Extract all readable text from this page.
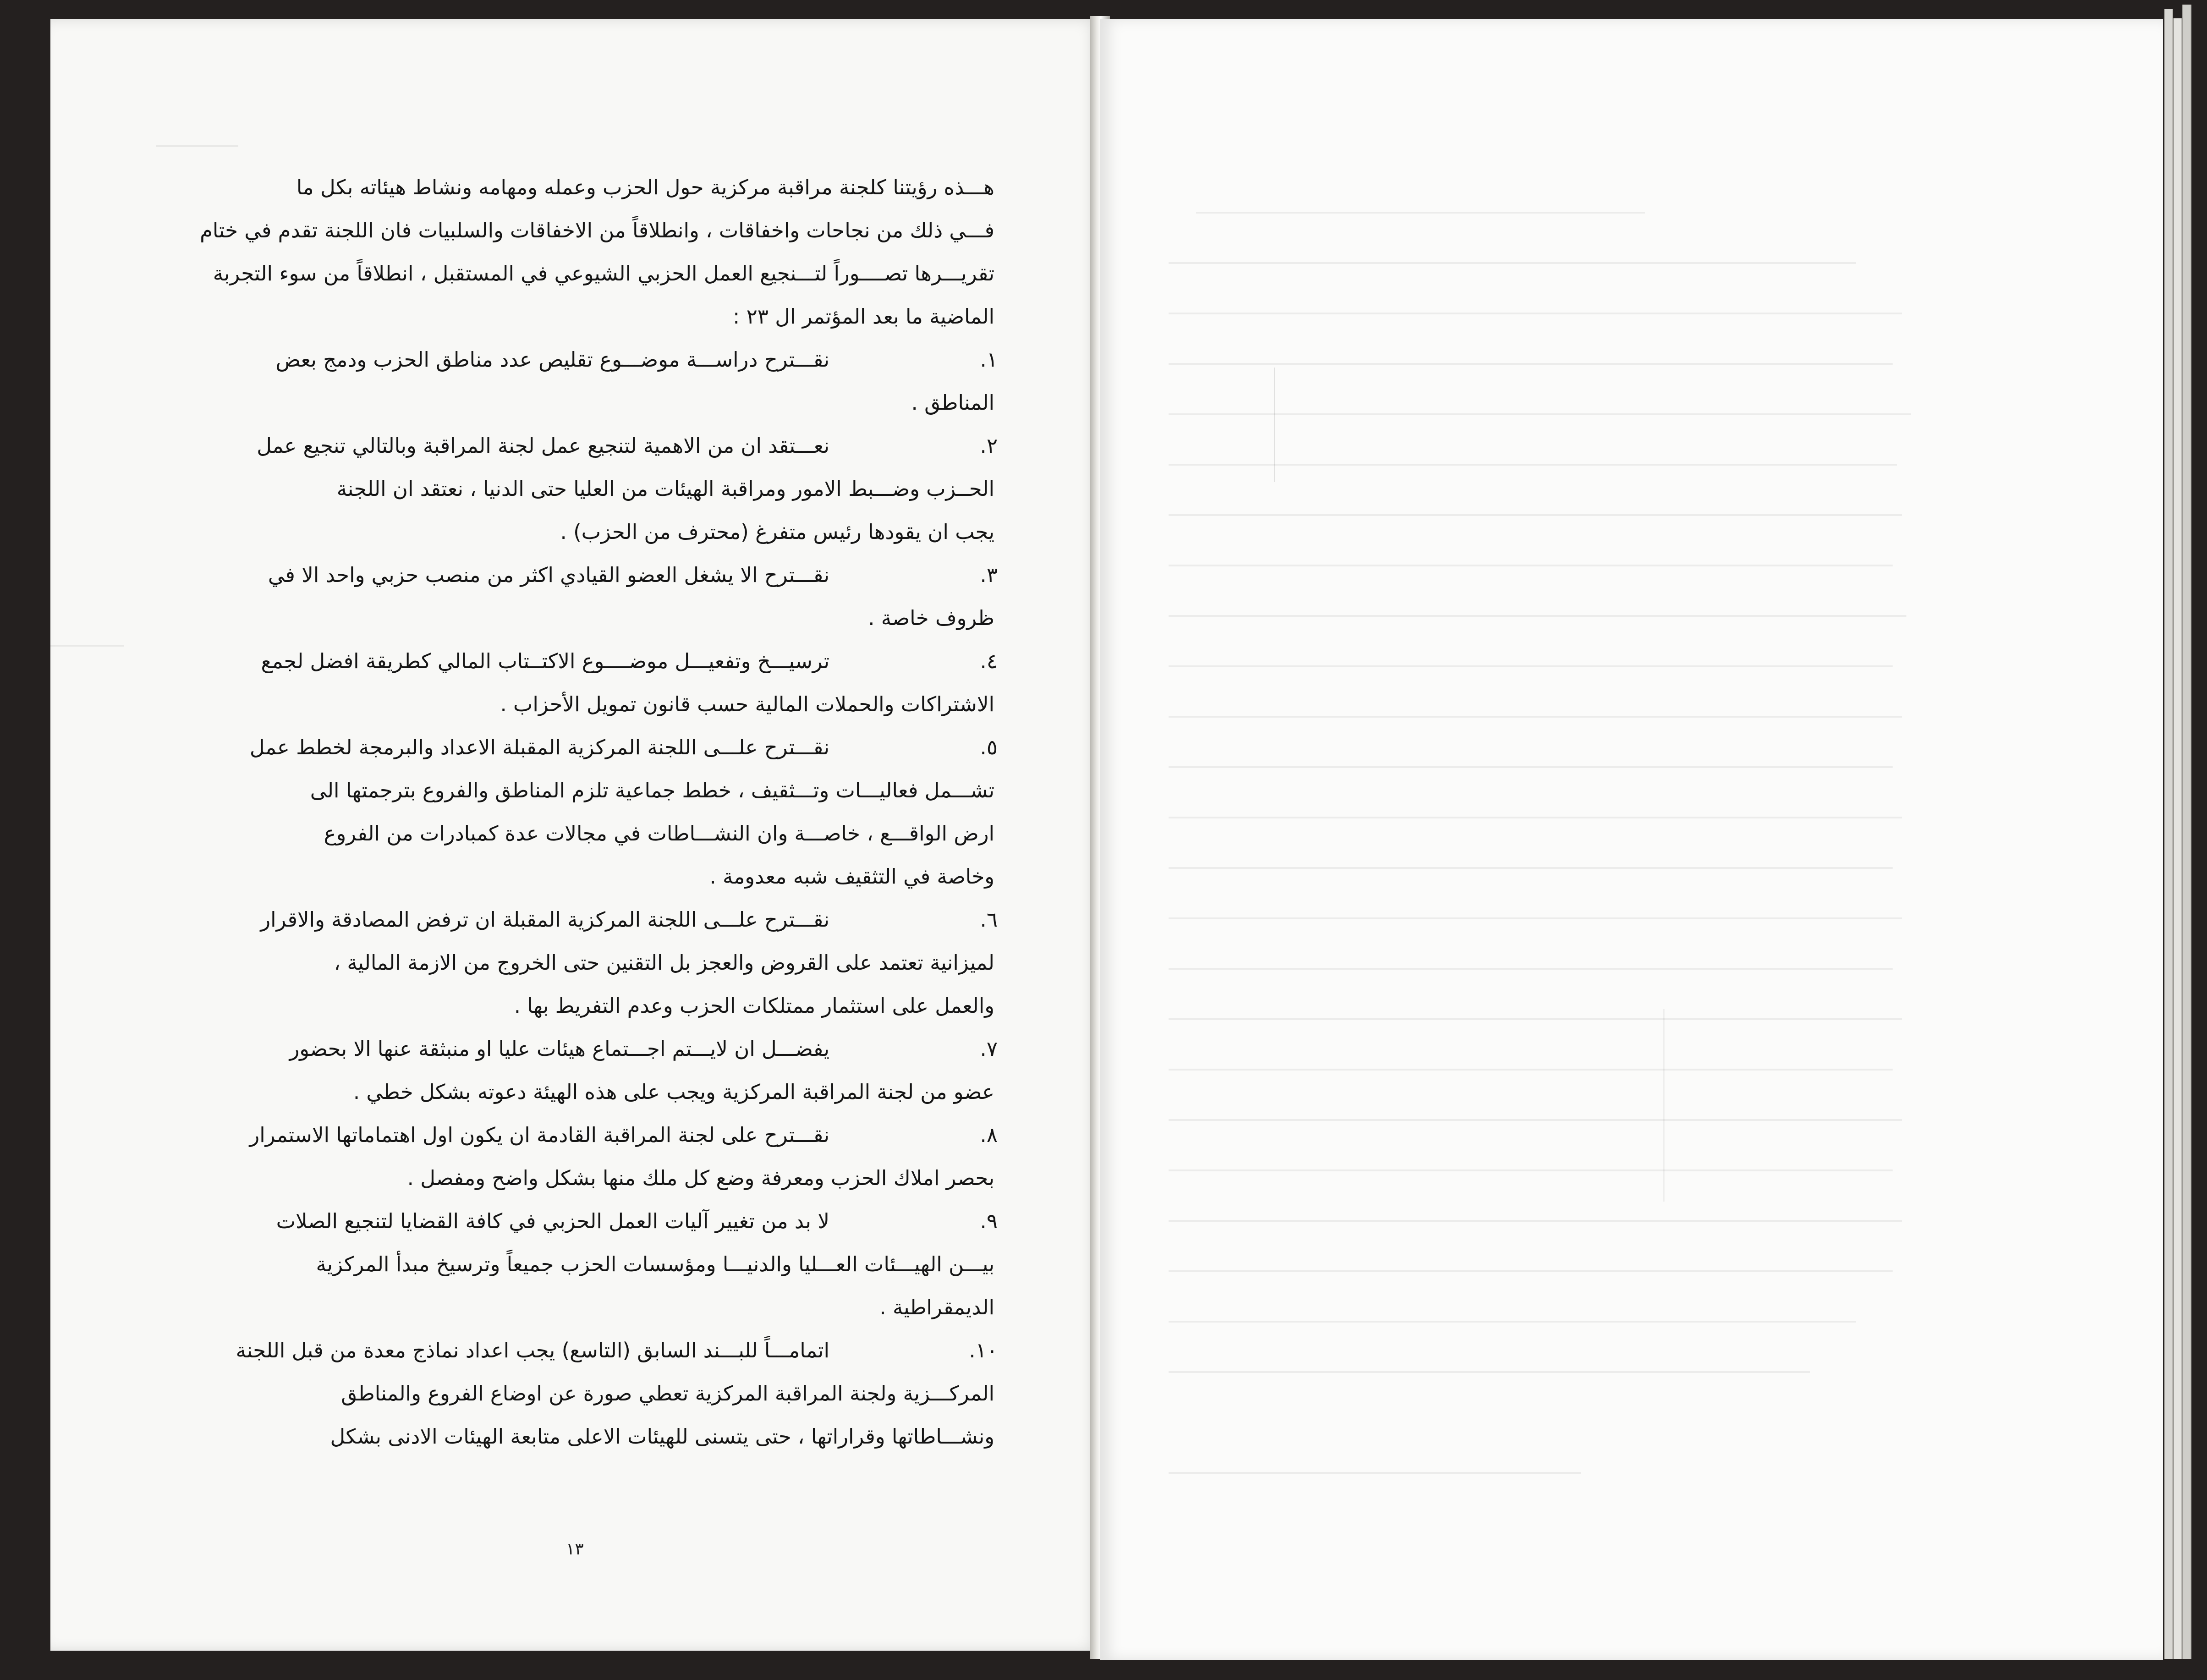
هـــذه رؤيتنا كلجنة مراقبة مركزية حول الحزب وعمله ومهامه ونشاط هيئاته بكل ما
فـــي ذلك من نجاحات واخفاقات ، وانطلاقاً من الاخفاقات والسلبيات فان اللجنة تقدم في ختام
تقريـــرها تصــــوراً لتـــنجيع العمل الحزبي الشيوعي في المستقبل ، انطلاقاً من سوء التجربة
الماضية ما بعد المؤتمر ال ٢٣ :
١.
نقـــترح دراســـة موضـــوع تقليص عدد مناطق الحزب ودمج بعض
المناطق .
٢.
نعـــتقد ان من الاهمية لتنجيع عمل لجنة المراقبة وبالتالي تنجيع عمل
الحــزب وضـــبط الامور ومراقبة الهيئات من العليا حتى الدنيا ، نعتقد ان اللجنة
يجب ان يقودها رئيس متفرغ (محترف من الحزب) .
٣.
نقـــترح الا يشغل العضو القيادي اكثر من منصب حزبي واحد الا في
ظروف خاصة .
٤.
ترسيـــخ وتفعيـــل موضــــوع الاكتــتاب المالي كطريقة افضل لجمع
الاشتراكات والحملات المالية حسب قانون تمويل الأحزاب .
٥.
نقـــترح علـــى اللجنة المركزية المقبلة الاعداد والبرمجة لخطط عمل
تشـــمل فعاليـــات وتـــثقيف ، خطط جماعية تلزم المناطق والفروع بترجمتها الى
ارض الواقـــع ، خاصـــة وان النشـــاطات في مجالات عدة كمبادرات من الفروع
وخاصة في التثقيف شبه معدومة .
٦.
نقـــترح علـــى اللجنة المركزية المقبلة ان ترفض المصادقة والاقرار
لميزانية تعتمد على القروض والعجز بل التقنين حتى الخروج من الازمة المالية ،
والعمل على استثمار ممتلكات الحزب وعدم التفريط بها .
٧.
يفضـــل ان لايـــتم اجـــتماع هيئات عليا او منبثقة عنها الا بحضور
عضو من لجنة المراقبة المركزية ويجب على هذه الهيئة دعوته بشكل خطي .
٨.
نقـــترح على لجنة المراقبة القادمة ان يكون اول اهتماماتها الاستمرار
بحصر املاك الحزب ومعرفة وضع كل ملك منها بشكل واضح ومفصل .
٩.
لا بد من تغيير آليات العمل الحزبي في كافة القضايا لتنجيع الصلات
بيـــن الهيـــئات العـــليا والدنيـــا ومؤسسات الحزب جميعاً وترسيخ مبدأ المركزية
الديمقراطية .
١٠.
اتمامـــاً للبـــند السابق (التاسع) يجب اعداد نماذج معدة من قبل اللجنة
المركـــزية ولجنة المراقبة المركزية تعطي صورة عن اوضاع الفروع والمناطق
ونشـــاطاتها وقراراتها ، حتى يتسنى للهيئات الاعلى متابعة الهيئات الادنى بشكل
١٣
